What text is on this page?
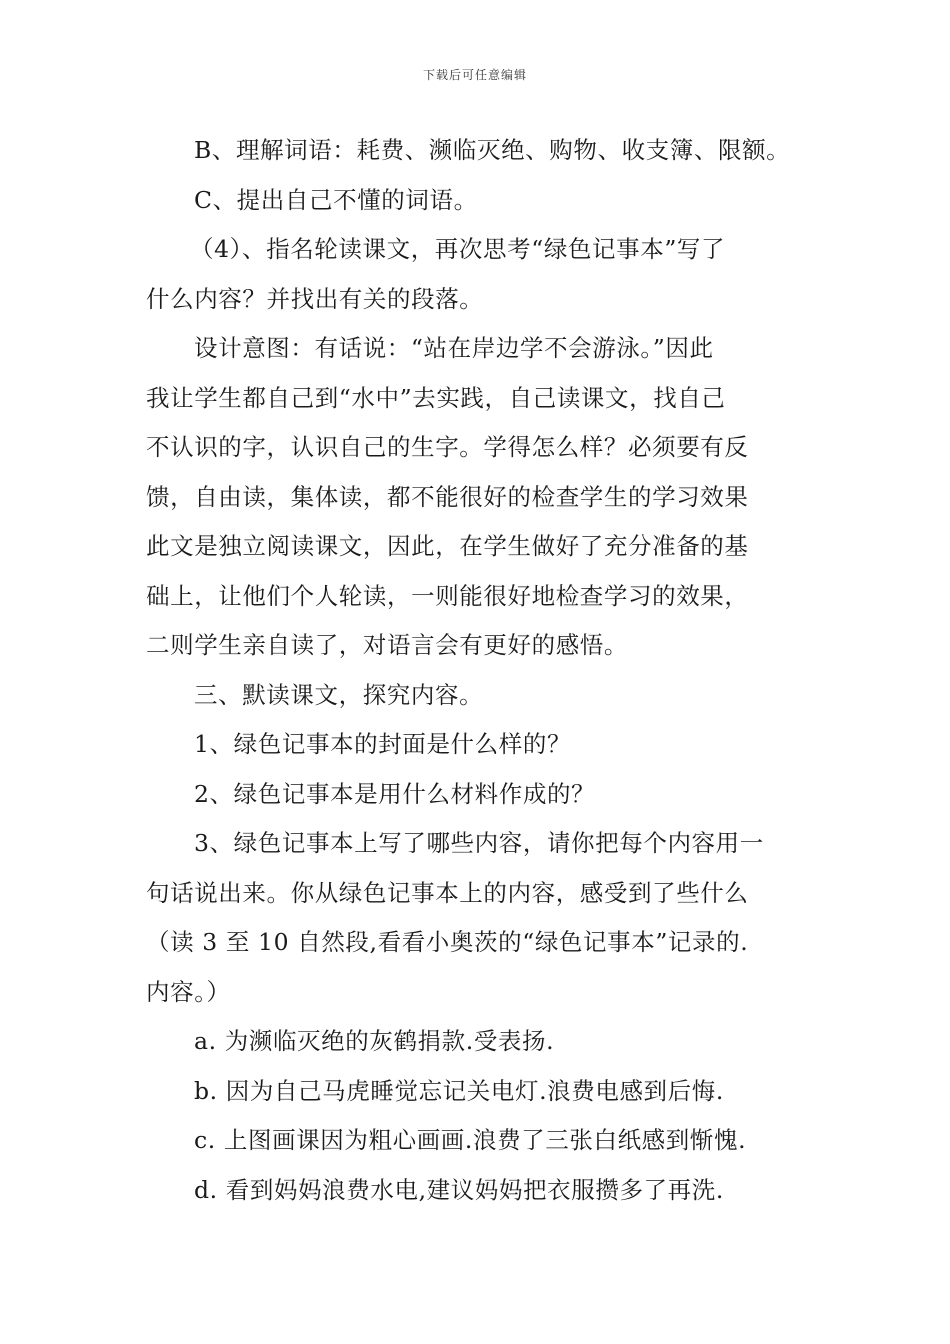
下载后可任意编辑
B、理解词语：耗费、濒临灭绝、购物、收支簿、限额。
C、提出自己不懂的词语。
（4）、指名轮读课文，再次思考“绿色记事本”写了
什么内容？并找出有关的段落。
设计意图：有话说：“站在岸边学不会游泳。”因此
我让学生都自己到“水中”去实践，自己读课文，找自己
不认识的字，认识自己的生字。学得怎么样？必须要有反
馈，自由读，集体读，都不能很好的检查学生的学习效果
此文是独立阅读课文，因此，在学生做好了充分准备的基
础上，让他们个人轮读，一则能很好地检查学习的效果，
二则学生亲自读了，对语言会有更好的感悟。
三、默读课文，探究内容。
1、绿色记事本的封面是什么样的？
2、绿色记事本是用什么材料作成的？
3、绿色记事本上写了哪些内容，请你把每个内容用一
句话说出来。你从绿色记事本上的内容，感受到了些什么
（读 3 至 10 自然段,看看小奥茨的“绿色记事本”记录的.
内容。）
a. 为濒临灭绝的灰鹤捐款.受表扬.
b. 因为自己马虎睡觉忘记关电灯.浪费电感到后悔.
c. 上图画课因为粗心画画.浪费了三张白纸感到惭愧.
d. 看到妈妈浪费水电,建议妈妈把衣服攒多了再洗.
